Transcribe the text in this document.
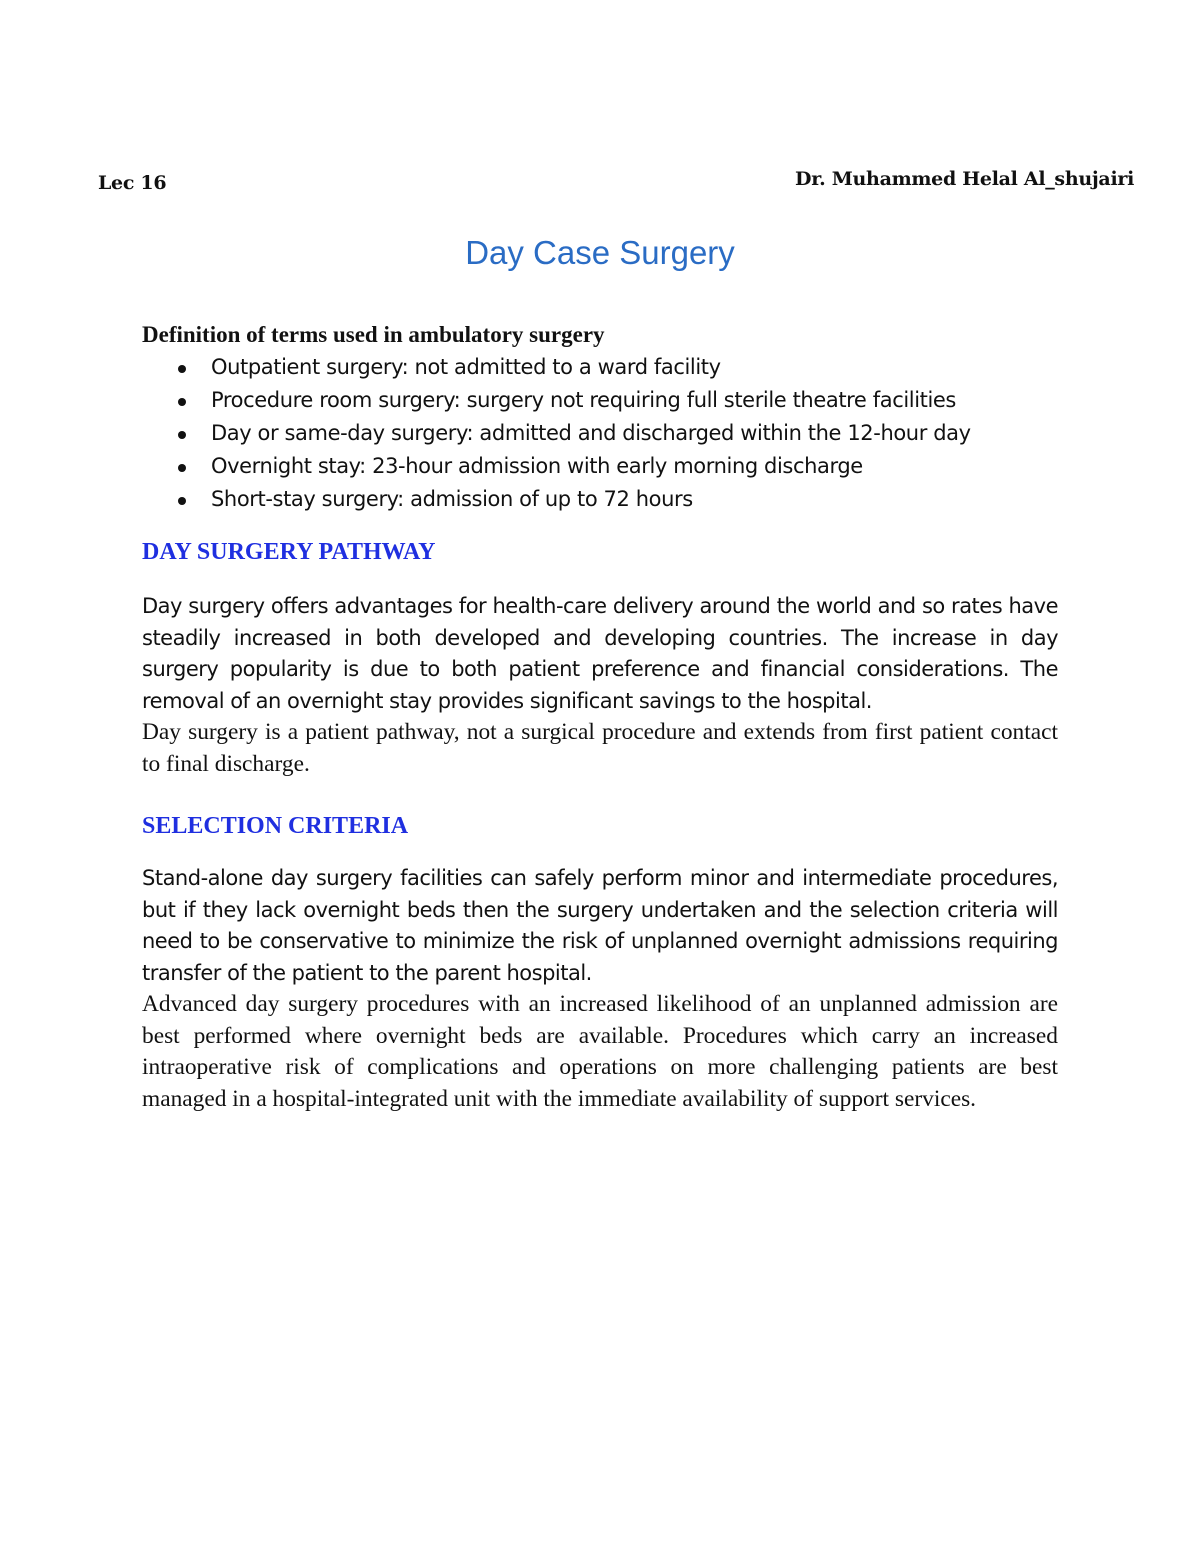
Lec 16	Dr. Muhammed Helal Al_shujairi
Day Case Surgery

Definition of terms used in ambulatory surgery

Outpatient surgery: not admitted to a ward facility
Procedure room surgery: surgery not requiring full sterile theatre facilities
Day or same-day surgery: admitted and discharged within the 12-hour day
Overnight stay: 23-hour admission with early morning discharge
Short-stay surgery: admission of up to 72 hours

DAY SURGERY PATHWAY

Day surgery offers advantages for health-care delivery around the world and so rates have steadily increased in both developed and developing countries. The increase in day surgery popularity is due to both patient preference and financial considerations. The removal of an overnight stay provides significant savings to the hospital.

Day surgery is a patient pathway, not a surgical procedure and extends from first patient contact to final discharge.

SELECTION CRITERIA

Stand-alone day surgery facilities can safely perform minor and intermediate procedures, but if they lack overnight beds then the surgery undertaken and the selection criteria will need to be conservative to minimize the risk of unplanned overnight admissions requiring transfer of the patient to the parent hospital.

Advanced day surgery procedures with an increased likelihood of an unplanned admission are best performed where overnight beds are available. Procedures which carry an increased intraoperative risk of complications and operations on more challenging patients are best managed in a hospital-integrated unit with the immediate availability of support services.
